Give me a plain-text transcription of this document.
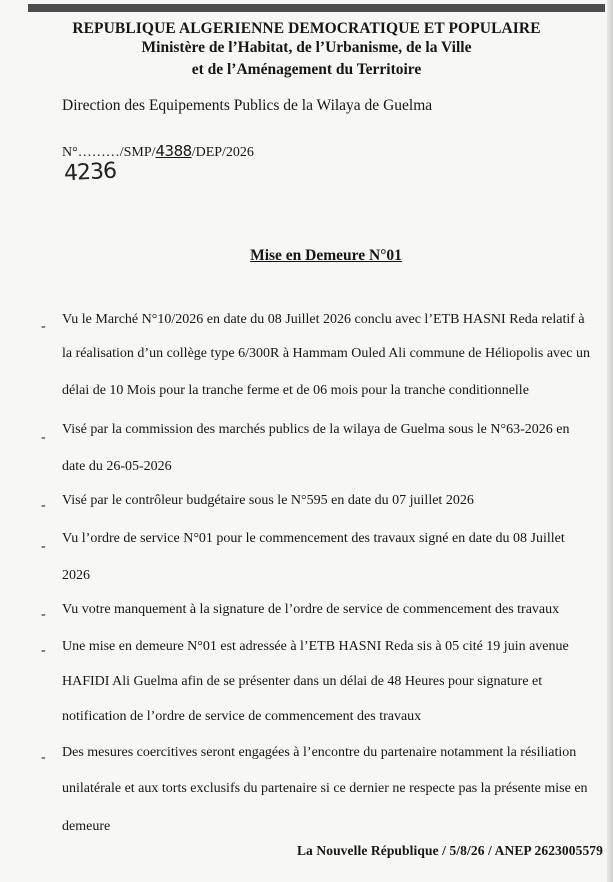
REPUBLIQUE ALGERIENNE DEMOCRATIQUE ET POPULAIRE
Ministère de l’Habitat, de l’Urbanisme, de la Ville
et de l’Aménagement du Territoire
Direction des Equipements Publics de la Wilaya de Guelma
N°………/SMP/4388/DEP/2026
4236
Mise en Demeure N°01
- Vu le Marché N°10/2026 en date du 08 Juillet 2026 conclu avec l’ETB HASNI Reda relatif à
la réalisation d’un collège type 6/300R à Hammam Ouled Ali commune de Héliopolis avec un
délai de 10 Mois pour la tranche ferme et de 06 mois pour la tranche conditionnelle
-
Visé par la commission des marchés publics de la wilaya de Guelma sous le N°63-2026 en
date du 26-05-2026
- Visé par le contrôleur budgétaire sous le N°595 en date du 07 juillet 2026
-
Vu l’ordre de service N°01 pour le commencement des travaux signé en date du 08 Juillet
2026
- Vu votre manquement à la signature de l’ordre de service de commencement des travaux
- Une mise en demeure N°01 est adressée à l’ETB HASNI Reda sis à 05 cité 19 juin avenue
HAFIDI Ali Guelma afin de se présenter dans un délai de 48 Heures pour signature et
notification de l’ordre de service de commencement des travaux
- Des mesures coercitives seront engagées à l’encontre du partenaire notamment la résiliation
unilatérale et aux torts exclusifs du partenaire si ce dernier ne respecte pas la présente mise en
demeure
La Nouvelle République / 5/8/26 / ANEP 2623005579
